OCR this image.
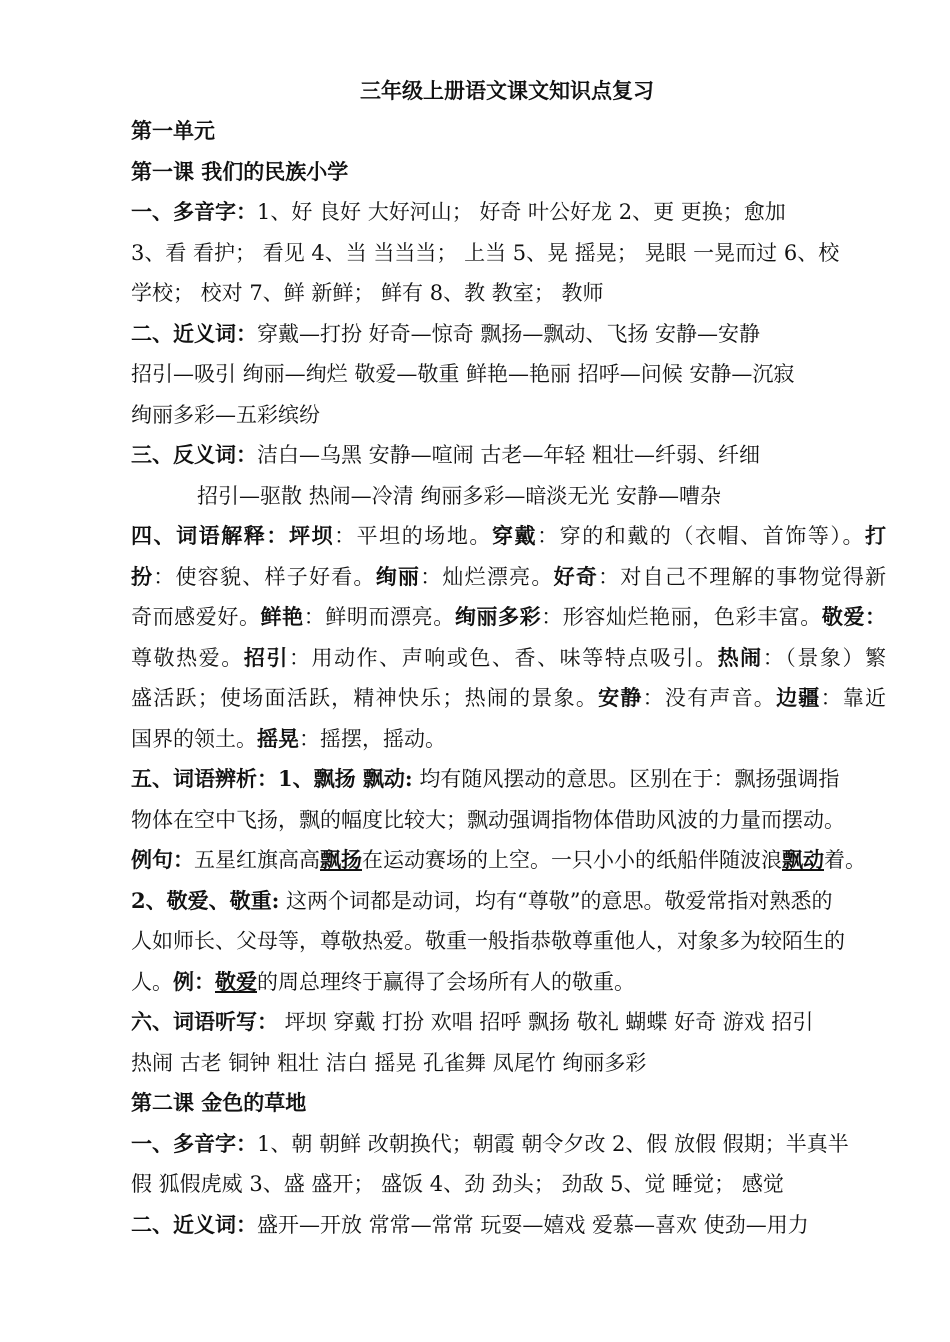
三年级上册语文课文知识点复习
第一单元
第一课 我们的民族小学
一、多音字：1、好 良好 大好河山； 好奇 叶公好龙 2、更 更换；愈加
3、看 看护； 看见 4、当 当当当； 上当 5、晃 摇晃； 晃眼 一晃而过 6、校
学校； 校对 7、鲜 新鲜； 鲜有 8、教 教室； 教师
二、近义词：穿戴—打扮 好奇—惊奇 飘扬—飘动、飞扬 安静—安静
招引—吸引 绚丽—绚烂 敬爱—敬重 鲜艳—艳丽 招呼—问候 安静—沉寂
绚丽多彩—五彩缤纷
三、反义词：洁白—乌黑 安静—喧闹 古老—年轻 粗壮—纤弱、纤细
招引—驱散 热闹—冷清 绚丽多彩—暗淡无光 安静—嘈杂
四、词语解释：坪坝：平坦的场地。穿戴：穿的和戴的（衣帽、首饰等）。打
扮：使容貌、样子好看。绚丽：灿烂漂亮。好奇：对自己不理解的事物觉得新
奇而感爱好。鲜艳：鲜明而漂亮。绚丽多彩：形容灿烂艳丽，色彩丰富。敬爱：
尊敬热爱。招引：用动作、声响或色、香、味等特点吸引。热闹：（景象）繁
盛活跃；使场面活跃，精神快乐；热闹的景象。安静：没有声音。边疆：靠近
国界的领土。摇晃：摇摆，摇动。
五、词语辨析：1、飘扬 飘动: 均有随风摆动的意思。区别在于：飘扬强调指
物体在空中飞扬，飘的幅度比较大；飘动强调指物体借助风波的力量而摆动。
例句：五星红旗高高飘扬在运动赛场的上空。一只小小的纸船伴随波浪飘动着。
2、敬爱、敬重: 这两个词都是动词，均有“尊敬”的意思。敬爱常指对熟悉的
人如师长、父母等，尊敬热爱。敬重一般指恭敬尊重他人，对象多为较陌生的
人。例：敬爱的周总理终于赢得了会场所有人的敬重。
六、词语听写： 坪坝 穿戴 打扮 欢唱 招呼 飘扬 敬礼 蝴蝶 好奇 游戏 招引
热闹 古老 铜钟 粗壮 洁白 摇晃 孔雀舞 凤尾竹 绚丽多彩
第二课 金色的草地
一、多音字：1、朝 朝鲜 改朝换代；朝霞 朝令夕改 2、假 放假 假期；半真半
假 狐假虎威 3、盛 盛开； 盛饭 4、劲 劲头； 劲敌 5、觉 睡觉； 感觉
二、近义词：盛开—开放 常常—常常 玩耍—嬉戏 爱慕—喜欢 使劲—用力
